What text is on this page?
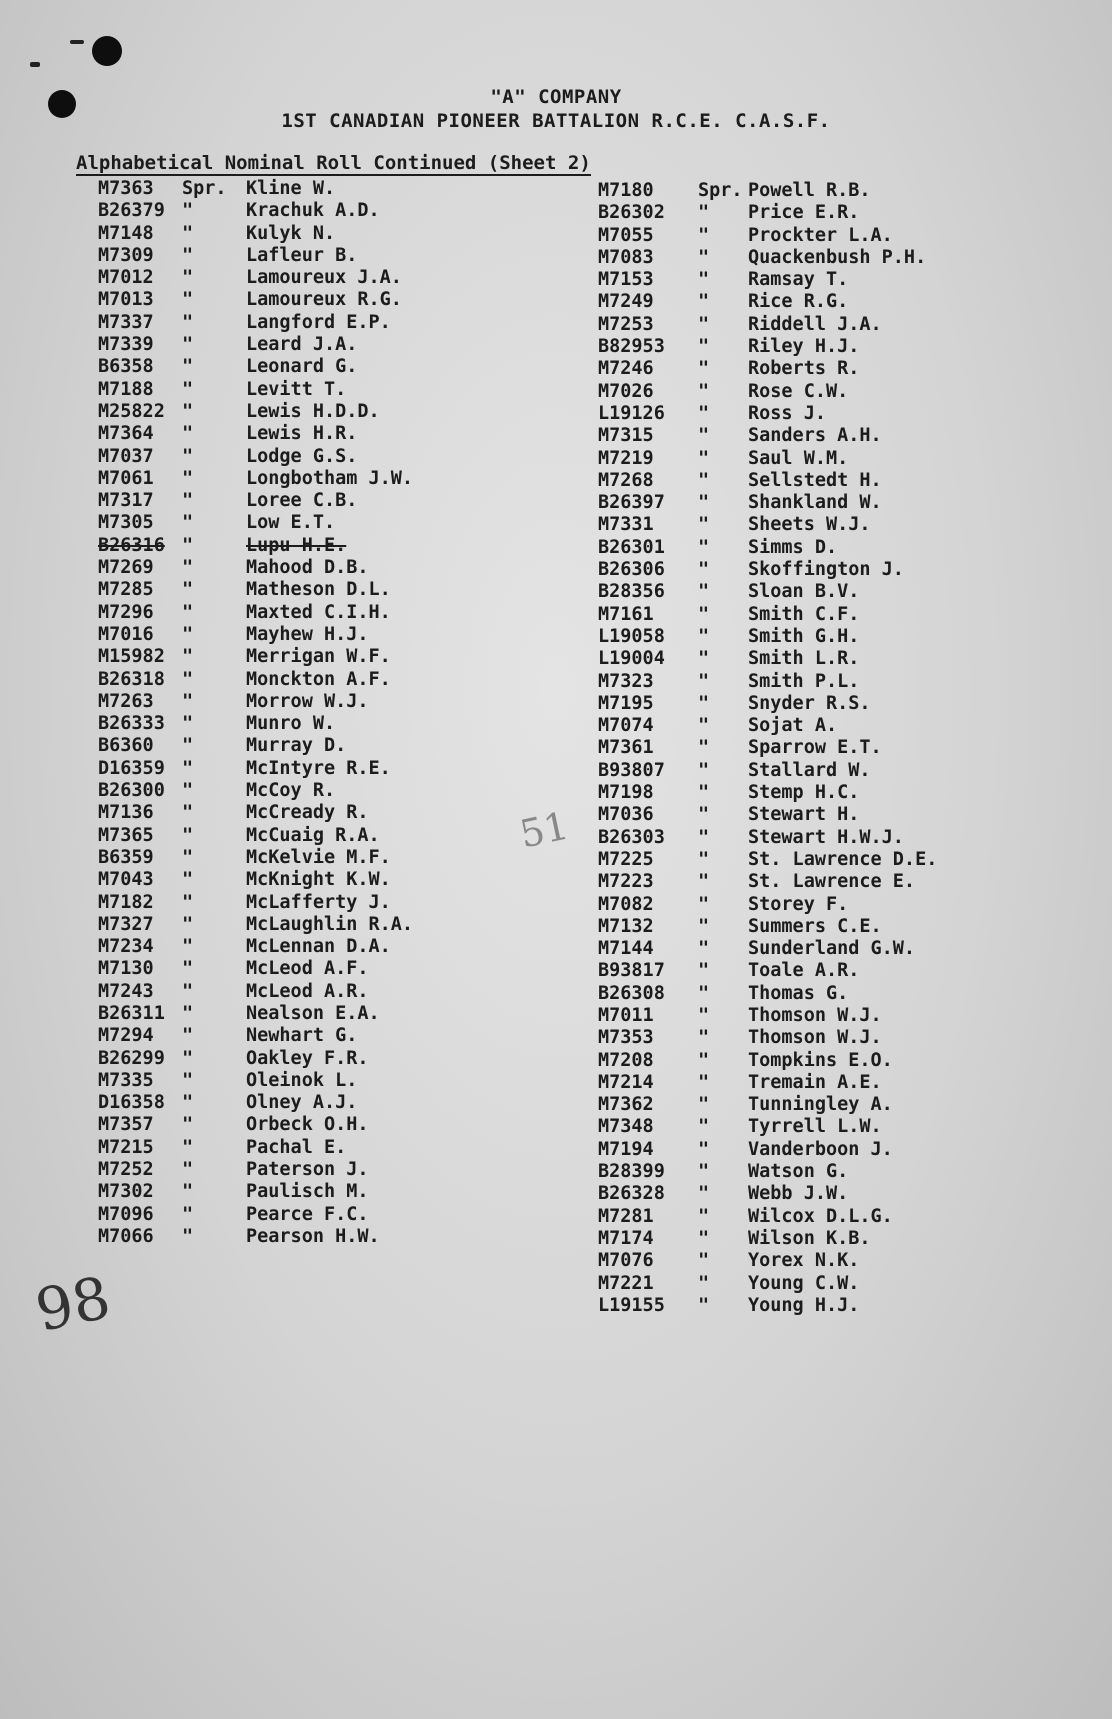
"A" COMPANY
1ST CANADIAN PIONEER BATTALION R.C.E. C.A.S.F.
Alphabetical Nominal Roll Continued (Sheet 2)
M7363 Spr. Kline W.
B26379 "	Krachuk A.D.
M7148 "	Kulyk N.
M7309 "	Lafleur B.
M7012 "	Lamoureux J.A.
M7013 "	Lamoureux R.G.
M7337 "	Langford E.P.
M7339 "	Leard J.A.
B6358 "	Leonard G.
M7188 "	Levitt T.
M25822 "	Lewis H.D.D.
M7364 "	Lewis H.R.
M7037 "	Lodge G.S.
M7061 "	Longbotham J.W.
M7317 "	Loree C.B.
M7305 "	Low E.T.
B26316 "	Lupu H.E.
M7269 "	Mahood D.B.
M7285 "	Matheson D.L.
M7296 "	Maxted C.I.H.
M7016 "	Mayhew H.J.
M15982 "	Merrigan W.F.
B26318 "	Monckton A.F.
M7263 "	Morrow W.J.
B26333 "	Munro W.
B6360 "	Murray D.
D16359 "	McIntyre R.E.
B26300 "	McCoy R.
M7136 "	McCready R.
M7365 "	McCuaig R.A.
B6359 "	McKelvie M.F.
M7043 "	McKnight K.W.
M7182 "	McLafferty J.
M7327 "	McLaughlin R.A.
M7234 "	McLennan D.A.
M7130 "	McLeod A.F.
M7243 "	McLeod A.R.
B26311 "	Nealson E.A.
M7294 "	Newhart G.
B26299 "	Oakley F.R.
M7335 "	Oleinok L.
D16358 "	Olney A.J.
M7357 "	Orbeck O.H.
M7215 "	Pachal E.
M7252 "	Paterson J.
M7302 "	Paulisch M.
M7096 "	Pearce F.C.
M7066 "	Pearson H.W.
M7180 Spr. Powell R.B.
B26302 " Price E.R.
M7055 " Prockter L.A.
M7083 " Quackenbush P.H.
M7153 " Ramsay T.
M7249 " Rice R.G.
M7253 " Riddell J.A.
B82953 " Riley H.J.
M7246 " Roberts R.
M7026 " Rose C.W.
L19126 " Ross J.
M7315 " Sanders A.H.
M7219 " Saul W.M.
M7268 " Sellstedt H.
B26397 " Shankland W.
M7331 " Sheets W.J.
B26301 " Simms D.
B26306 " Skoffington J.
B28356 " Sloan B.V.
M7161 " Smith C.F.
L19058 " Smith G.H.
L19004 " Smith L.R.
M7323 " Smith P.L.
M7195 " Snyder R.S.
M7074 " Sojat A.
M7361 " Sparrow E.T.
B93807 " Stallard W.
M7198 " Stemp H.C.
M7036 " Stewart H.
B26303 " Stewart H.W.J.
M7225 " St. Lawrence D.E.
M7223 " St. Lawrence E.
M7082 " Storey F.
M7132 " Summers C.E.
M7144 " Sunderland G.W.
B93817 " Toale A.R.
B26308 " Thomas G.
M7011 " Thomson W.J.
M7353 " Thomson W.J.
M7208 " Tompkins E.O.
M7214 " Tremain A.E.
M7362 " Tunningley A.
M7348 " Tyrrell L.W.
M7194 " Vanderboon J.
B28399 " Watson G.
B26328 " Webb J.W.
M7281 " Wilcox D.L.G.
M7174 " Wilson K.B.
M7076 " Yorex N.K.
M7221 " Young C.W.
L19155 " Young H.J.
98
51
